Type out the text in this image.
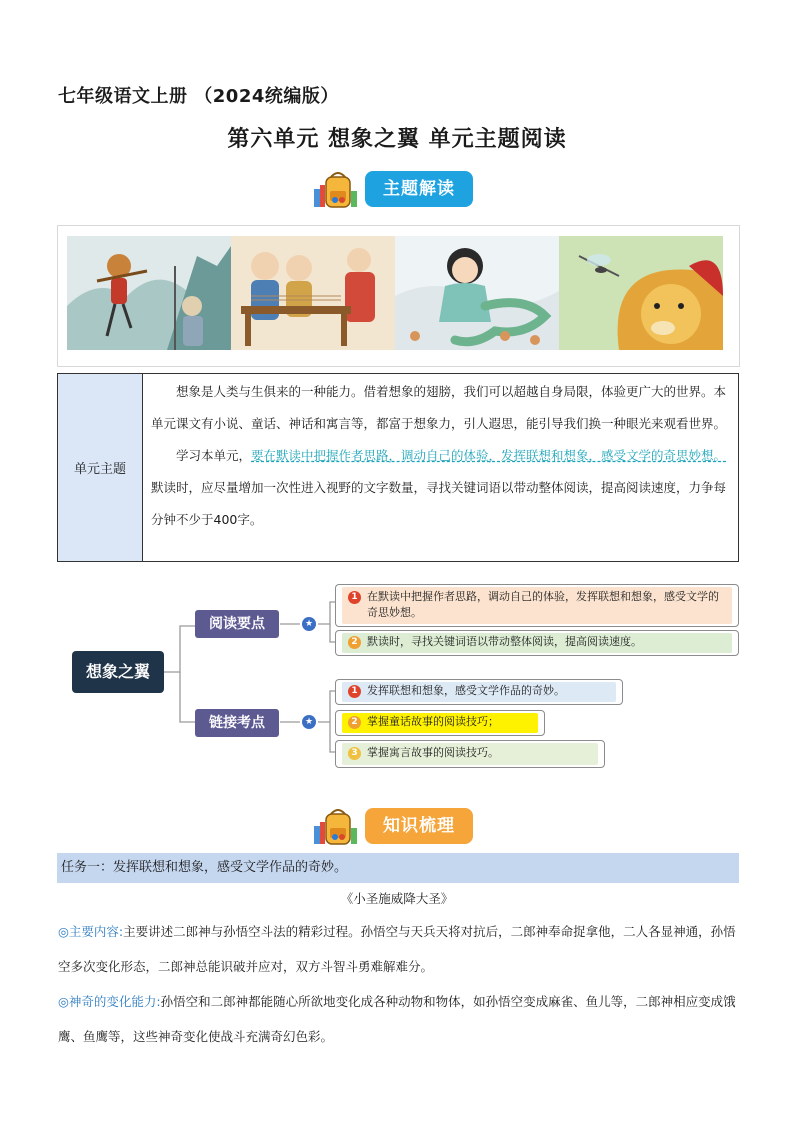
七年级语文上册 （2024统编版）
第六单元 想象之翼 单元主题阅读
主题解读
单元主题	

想象是人类与生俱来的一种能力。借着想象的翅膀，我们可以超越自身局限，体验更广大的世界。本单元课文有小说、童话、神话和寓言等，都富于想象力，引人遐思，能引导我们换一种眼光来观看世界。

学习本单元，要在默读中把握作者思路，调动自己的体验，发挥联想和想象，感受文学的奇思妙想。默读时，应尽量增加一次性进入视野的文字数量，寻找关键词语以带动整体阅读，提高阅读速度，力争每分钟不少于400字。

想象之翼
阅读要点	★
链接考点	★
1 在默读中把握作者思路，调动自己的体验，发挥联想和想象，感受文学的奇思妙想。
2 默读时，寻找关键词语以带动整体阅读，提高阅读速度。
1 发挥联想和想象，感受文学作品的奇妙。
2 掌握童话故事的阅读技巧；
3 掌握寓言故事的阅读技巧。
知识梳理
任务一：发挥联想和想象，感受文学作品的奇妙。
《小圣施威降大圣》
◎主要内容:主要讲述二郎神与孙悟空斗法的精彩过程。孙悟空与天兵天将对抗后，二郎神奉命捉拿他，二人各显神通，孙悟空多次变化形态，二郎神总能识破并应对，双方斗智斗勇难解难分。
◎神奇的变化能力:孙悟空和二郎神都能随心所欲地变化成各种动物和物体，如孙悟空变成麻雀、鱼儿等，二郎神相应变成饿鹰、鱼鹰等，这些神奇变化使战斗充满奇幻色彩。
